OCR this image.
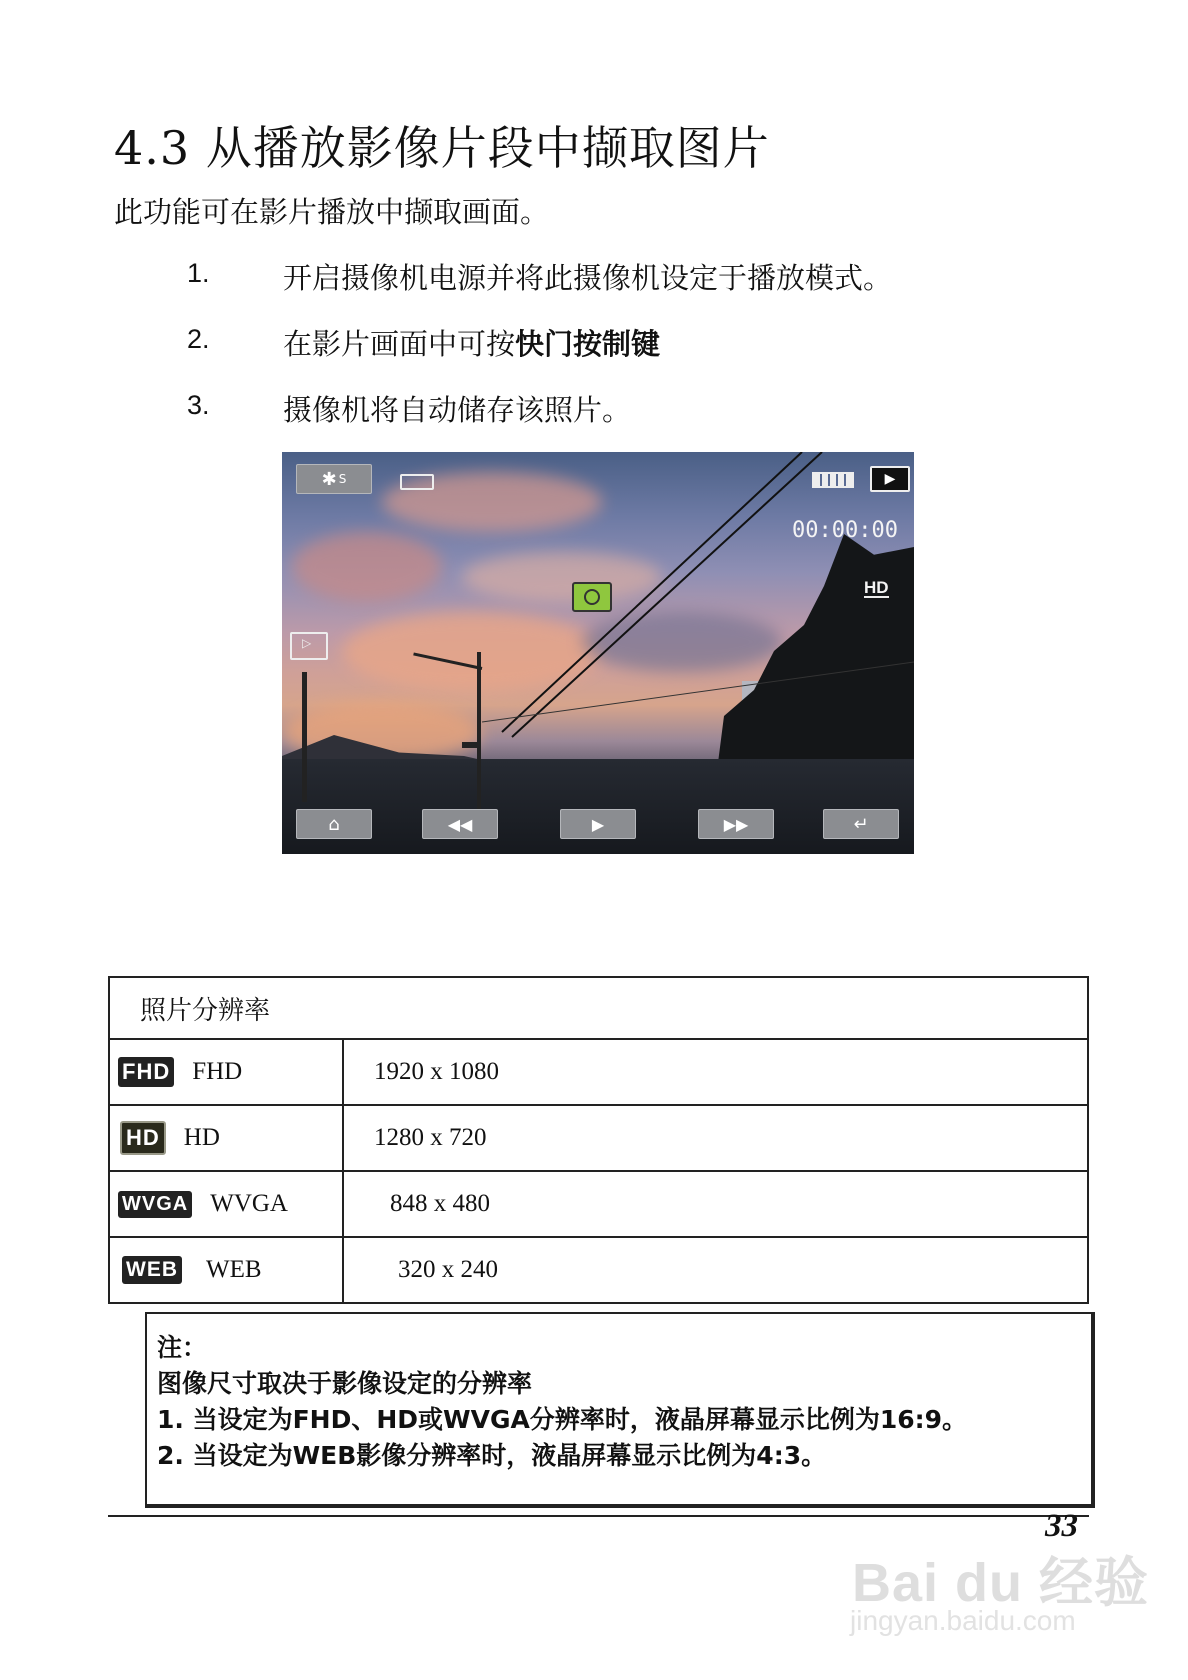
4.3 从播放影像片段中撷取图片
此功能可在影片播放中撷取画面。
1.	开启摄像机电源并将此摄像机设定于播放模式。
2.	在影片画面中可按快门按制键
3.	摄像机将自动储存该照片。
✱ S	▶
00:00:00
HD
▷
⌂	◀◀	▶	▶▶	↵
照片分辨率	
FHD FHD	1920 x 1080
HD HD	1280 x 720
WVGA WVGA	848 x 480
WEB WEB	320 x 240
注：
图像尺寸取决于影像设定的分辨率
1. 当设定为FHD、HD或WVGA分辨率时，液晶屏幕显示比例为16:9。
2. 当设定为WEB影像分辨率时，液晶屏幕显示比例为4:3。
33
Bai du 经验
jingyan.baidu.com
